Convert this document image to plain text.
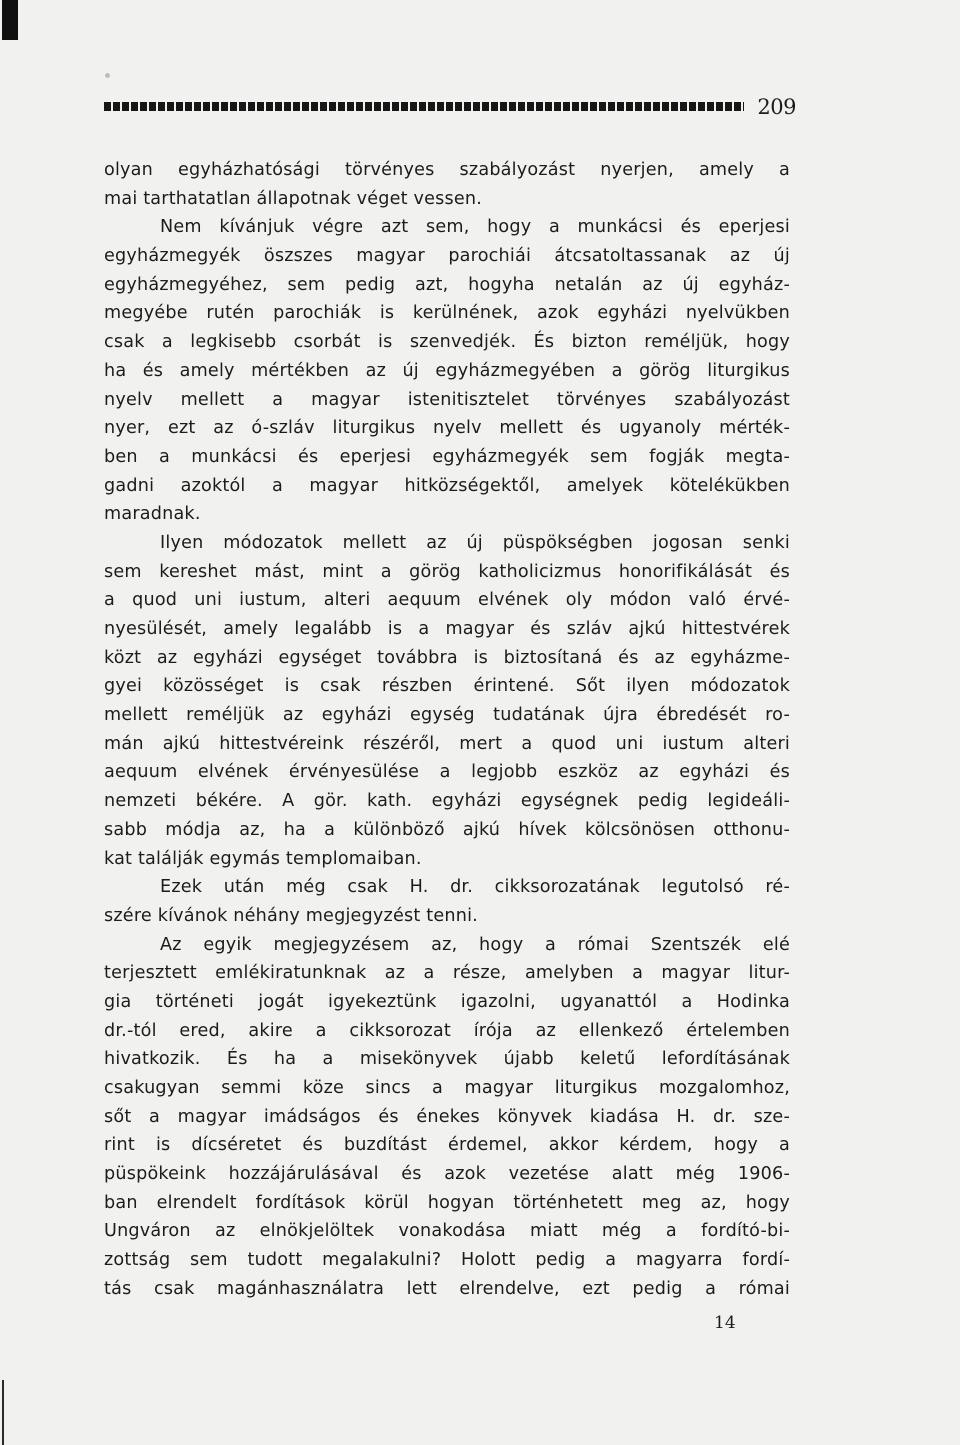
209
olyan egyházhatósági törvényes szabályozást nyerjen, amely a
mai tarthatatlan állapotnak véget vessen.
Nem kívánjuk végre azt sem, hogy a munkácsi és eperjesi
egyházmegyék öszszes magyar parochiái átcsatoltassanak az új
egyházmegyéhez, sem pedig azt, hogyha netalán az új egyház-
megyébe rutén parochiák is kerülnének, azok egyházi nyelvükben
csak a legkisebb csorbát is szenvedjék. És bizton reméljük, hogy
ha és amely mértékben az új egyházmegyében a görög liturgikus
nyelv mellett a magyar istenitisztelet törvényes szabályozást
nyer, ezt az ó-szláv liturgikus nyelv mellett és ugyanoly mérték-
ben a munkácsi és eperjesi egyházmegyék sem fogják megta-
gadni azoktól a magyar hitközségektől, amelyek kötelékükben
maradnak.
Ilyen módozatok mellett az új püspökségben jogosan senki
sem kereshet mást, mint a görög katholicizmus honorifikálását és
a quod uni iustum, alteri aequum elvének oly módon való érvé-
nyesülését, amely legalább is a magyar és szláv ajkú hittestvérek
közt az egyházi egységet továbbra is biztosítaná és az egyházme-
gyei közösséget is csak részben érintené. Sőt ilyen módozatok
mellett reméljük az egyházi egység tudatának újra ébredését ro-
mán ajkú hittestvéreink részéről, mert a quod uni iustum alteri
aequum elvének érvényesülése a legjobb eszköz az egyházi és
nemzeti békére. A gör. kath. egyházi egységnek pedig legideáli-
sabb módja az, ha a különböző ajkú hívek kölcsönösen otthonu-
kat találják egymás templomaiban.
Ezek után még csak H. dr. cikksorozatának legutolsó ré-
szére kívánok néhány megjegyzést tenni.
Az egyik megjegyzésem az, hogy a római Szentszék elé
terjesztett emlékiratunknak az a része, amelyben a magyar litur-
gia történeti jogát igyekeztünk igazolni, ugyanattól a Hodinka
dr.-tól ered, akire a cikksorozat írója az ellenkező értelemben
hivatkozik. És ha a misekönyvek újabb keletű lefordításának
csakugyan semmi köze sincs a magyar liturgikus mozgalomhoz,
sőt a magyar imádságos és énekes könyvek kiadása H. dr. sze-
rint is dícséretet és buzdítást érdemel, akkor kérdem, hogy a
püspökeink hozzájárulásával és azok vezetése alatt még 1906-
ban elrendelt fordítások körül hogyan történhetett meg az, hogy
Ungváron az elnökjelöltek vonakodása miatt még a fordító-bi-
zottság sem tudott megalakulni? Holott pedig a magyarra fordí-
tás csak magánhasználatra lett elrendelve, ezt pedig a római
14
